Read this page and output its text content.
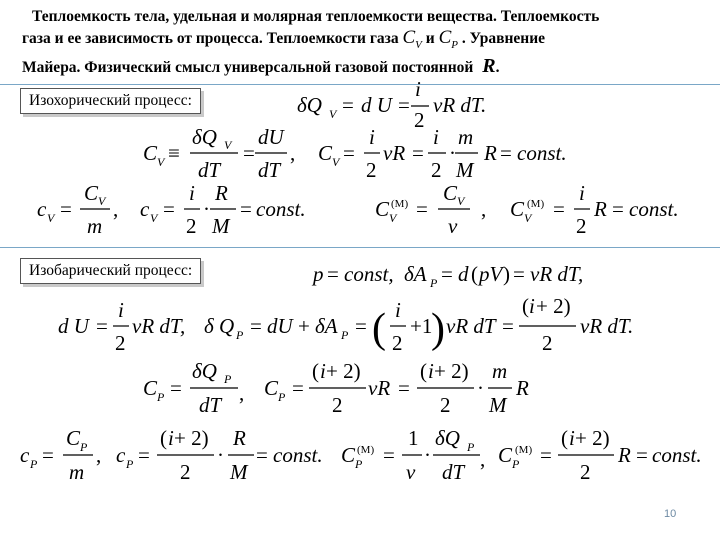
Теплоемкость тела, удельная и молярная теплоемкости вещества. Теплоемкость
газа и ее зависимость от процесса. Теплоемкости газа $C_V$ и $C_P$ . Уравнение
Майера. Физический смысл универсальной газовой постоянной  R.
Изохорический процесс:
Изобарический процесс:
δQ V = d U =
i
2
νR dT.
C V ≡
δQ V
dT
=
dU
dT
, C V =
i
2
νR =
i
2
·
m
M
R = const.
c V =
C V
m
, c V =
i
2
·
R
M
= const.	C V
(M) =
C V
ν
, C V
(M) =
i
2
R = const.
p = const, δA P = d ( pV ) = νR dT,
d U =
i
2
νR dT, δ Q P = dU + δA P = ( i
2
+1
) νR dT =
( i + 2)
2
νR dT.
C P =
δQ P
dT , C P =
( i + 2)
2
νR =
( i + 2)
2
·
m
M
R
c P =
C P
m
, c P =
( i + 2)
2
·
R
M
= const. C P
(M) =
1
ν
·
δQ P
dT
, C P
(M) =
( i + 2)
2
R = const.
10
